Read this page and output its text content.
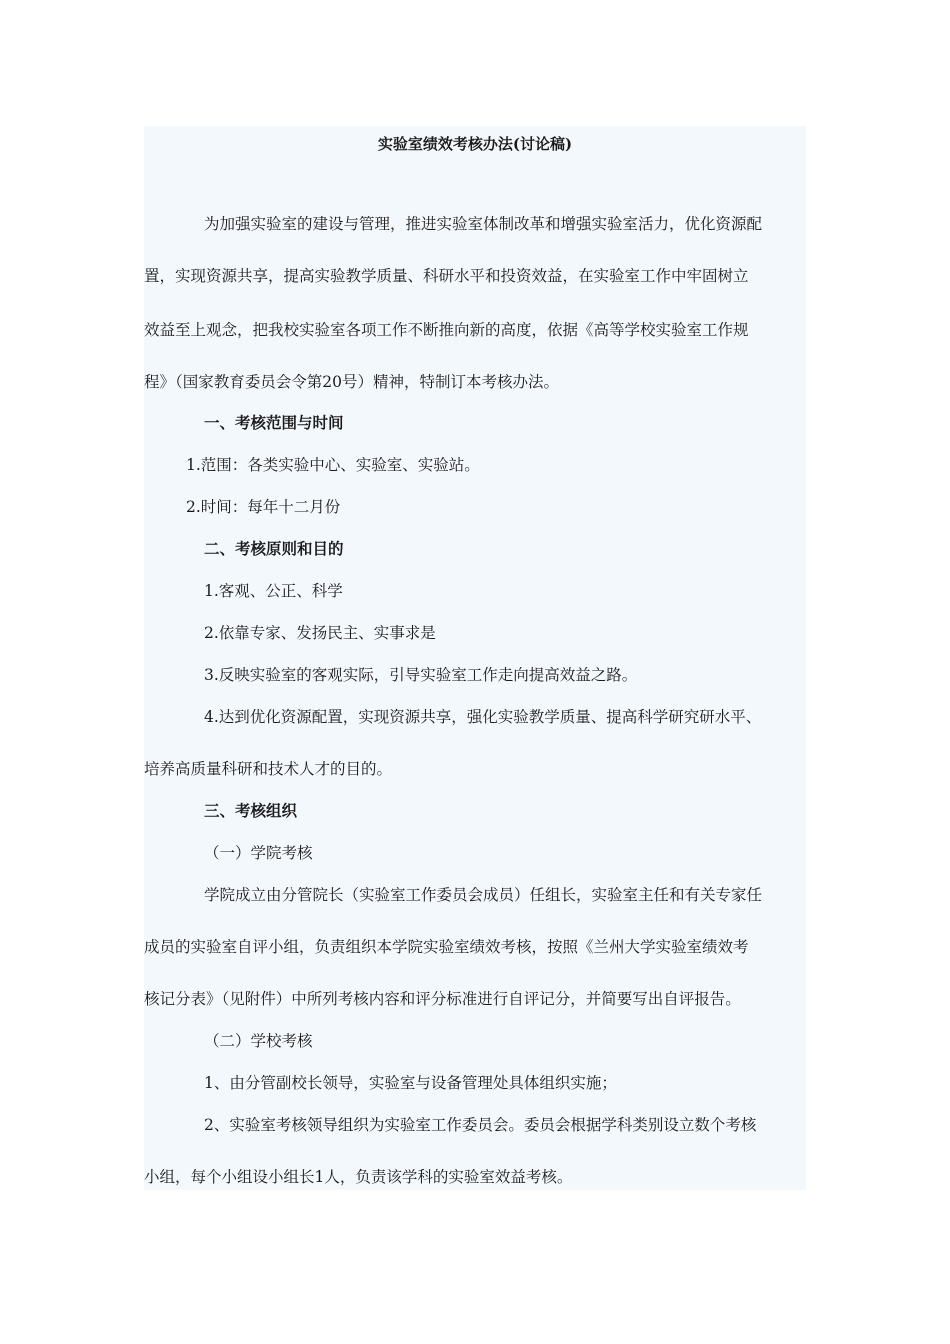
实验室绩效考核办法(讨论稿)
为加强实验室的建设与管理，推进实验室体制改革和增强实验室活力，优化资源配
置，实现资源共享，提高实验教学质量、科研水平和投资效益，在实验室工作中牢固树立
效益至上观念，把我校实验室各项工作不断推向新的高度，依据《高等学校实验室工作规
程》（国家教育委员会令第20号）精神，特制订本考核办法。
一、考核范围与时间
1.范围：各类实验中心、实验室、实验站。
2.时间：每年十二月份
二、考核原则和目的
1.客观、公正、科学
2.依靠专家、发扬民主、实事求是
3.反映实验室的客观实际，引导实验室工作走向提高效益之路。
4.达到优化资源配置，实现资源共享，强化实验教学质量、提高科学研究研水平、
培养高质量科研和技术人才的目的。
三、考核组织
（一）学院考核
学院成立由分管院长（实验室工作委员会成员）任组长，实验室主任和有关专家任
成员的实验室自评小组，负责组织本学院实验室绩效考核，按照《兰州大学实验室绩效考
核记分表》（见附件）中所列考核内容和评分标准进行自评记分，并简要写出自评报告。
（二）学校考核
1、由分管副校长领导，实验室与设备管理处具体组织实施；
2、实验室考核领导组织为实验室工作委员会。委员会根据学科类别设立数个考核
小组，每个小组设小组长1人，负责该学科的实验室效益考核。
